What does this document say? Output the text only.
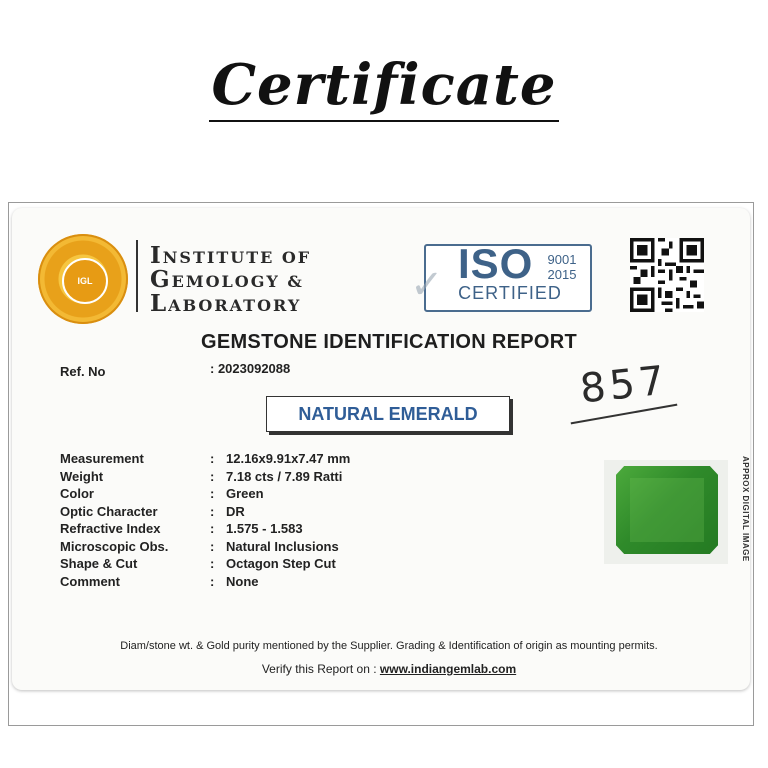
Certificate
IGL
INSTITUTE OF
GEMOLOGY &
LABORATORY	✓ ISO	9001
2015
CERTIFIED
GEMSTONE IDENTIFICATION REPORT
Ref. No	: 2023092088	857
NATURAL EMERALD
Measurement	: 12.16x9.91x7.47 mm
Weight	: 7.18 cts / 7.89 Ratti
Color	: Green
Optic Character	: DR
Refractive Index	: 1.575 - 1.583
Microscopic Obs.	: Natural Inclusions
Shape & Cut	: Octagon Step Cut
Comment	: None
APPROX DIGITAL IMAGE
Diam/stone wt. & Gold purity mentioned by the Supplier. Grading & Identification of origin as mounting permits.
Verify this Report on : www.indiangemlab.com
